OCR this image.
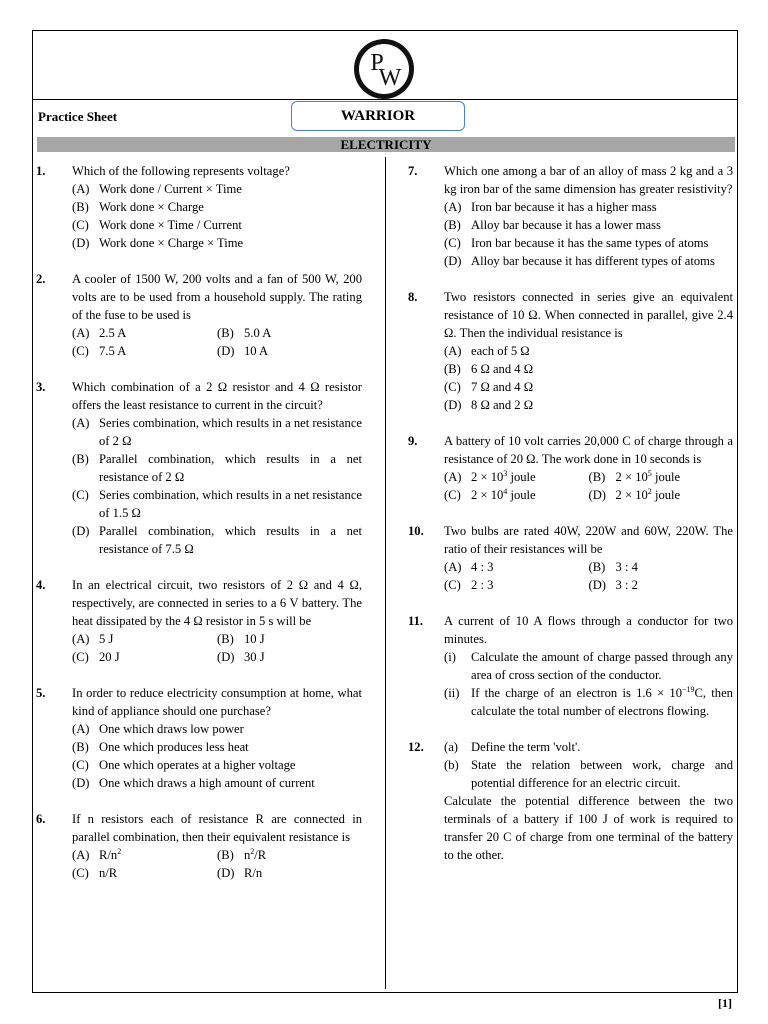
P
W
Practice Sheet	WARRIOR
ELECTRICITY
1. Which of the following represents voltage?
(A) Work done / Current × Time
(B) Work done × Charge
(C) Work done × Time / Current
(D) Work done × Charge × Time
2. A cooler of 1500 W, 200 volts and a fan of 500 W, 200 volts are to be used from a household supply. The rating of the fuse to be used is
(A) 2.5 A	(B) 5.0 A
(C) 7.5 A	(D) 10 A
3. Which combination of a 2 Ω resistor and 4 Ω resistor offers the least resistance to current in the circuit?
(A) Series combination, which results in a net resistance of 2 Ω
(B) Parallel combination, which results in a net resistance of 2 Ω
(C) Series combination, which results in a net resistance of 1.5 Ω
(D) Parallel combination, which results in a net resistance of 7.5 Ω
4. In an electrical circuit, two resistors of 2 Ω and 4 Ω, respectively, are connected in series to a 6 V battery. The heat dissipated by the 4 Ω resistor in 5 s will be
(A) 5 J	(B) 10 J
(C) 20 J	(D) 30 J
5. In order to reduce electricity consumption at home, what kind of appliance should one purchase?
(A) One which draws low power
(B) One which produces less heat
(C) One which operates at a higher voltage
(D) One which draws a high amount of current
6. If n resistors each of resistance R are connected in parallel combination, then their equivalent resistance is
(A) $R/n^2$	(B) $n^2/R$
(C) n/R	(D) R/n
7. Which one among a bar of an alloy of mass 2 kg and a 3 kg iron bar of the same dimension has greater resistivity?
(A) Iron bar because it has a higher mass
(B) Alloy bar because it has a lower mass
(C) Iron bar because it has the same types of atoms
(D) Alloy bar because it has different types of atoms
8. Two resistors connected in series give an equivalent resistance of 10 Ω. When connected in parallel, give 2.4 Ω. Then the individual resistance is
(A) each of 5 Ω
(B) 6 Ω and 4 Ω
(C) 7 Ω and 4 Ω
(D) 8 Ω and 2 Ω
9. A battery of 10 volt carries 20,000 C of charge through a resistance of 20 Ω. The work done in 10 seconds is
(A) $2 \times 10^3$ joule	(B) $2 \times 10^5$ joule
(C) $2 \times 10^4$ joule	(D) $2 \times 10^2$ joule
10. Two bulbs are rated 40W, 220W and 60W, 220W. The ratio of their resistances will be
(A) 4 : 3	(B) 3 : 4
(C) 2 : 3	(D) 3 : 2
11. A current of 10 A flows through a conductor for two minutes.
(i) Calculate the amount of charge passed through any area of cross section of the conductor.
(ii) If the charge of an electron is $1.6 \times 10^{-19}C$, then calculate the total number of electrons flowing.
12. (a) Define the term 'volt'.
(b) State the relation between work, charge and potential difference for an electric circuit.
Calculate the potential difference between the two terminals of a battery if 100 J of work is required to transfer 20 C of charge from one terminal of the battery to the other.
[1]
